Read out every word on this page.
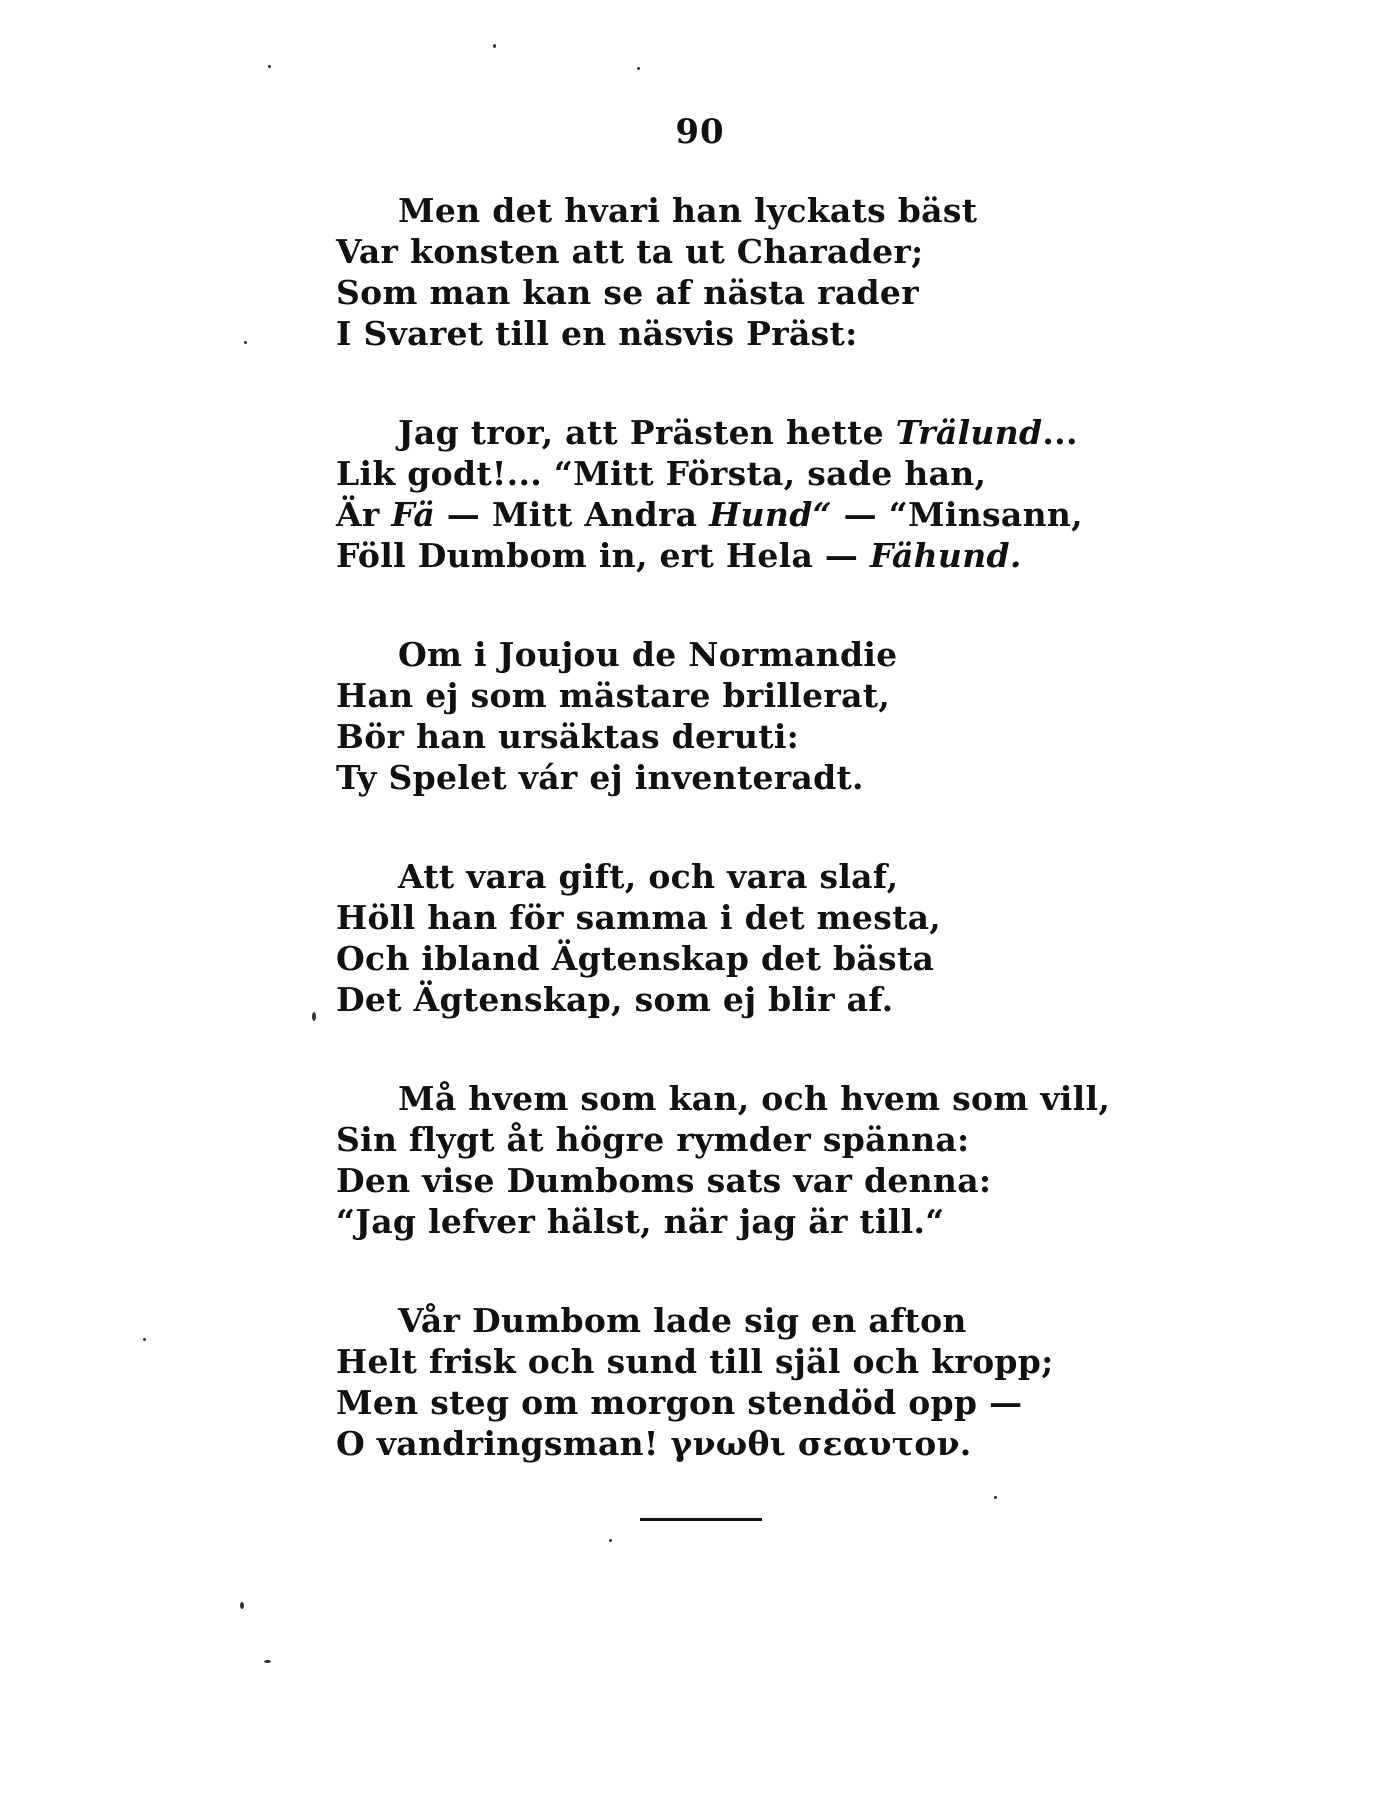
90
Men det hvari han lyckats bäst
Var konsten att ta ut Charader;
Som man kan se af nästa rader
I Svaret till en näsvis Präst:
Jag tror, att Prästen hette Trälund...
Lik godt!... “Mitt Första, sade han,
Är Fä — Mitt Andra Hund“ — “Minsann,
Föll Dumbom in, ert Hela — Fähund.
Om i Joujou de Normandie
Han ej som mästare brillerat,
Bör han ursäktas deruti:
Ty Spelet vár ej inventeradt.
Att vara gift, och vara slaf,
Höll han för samma i det mesta,
Och ibland Ägtenskap det bästa
Det Ägtenskap, som ej blir af.
Må hvem som kan, och hvem som vill,
Sin flygt åt högre rymder spänna:
Den vise Dumboms sats var denna:
“Jag lefver hälst, när jag är till.“
Vår Dumbom lade sig en afton
Helt frisk och sund till själ och kropp;
Men steg om morgon stendöd opp —
O vandringsman! γνωθι σεαυτον.
